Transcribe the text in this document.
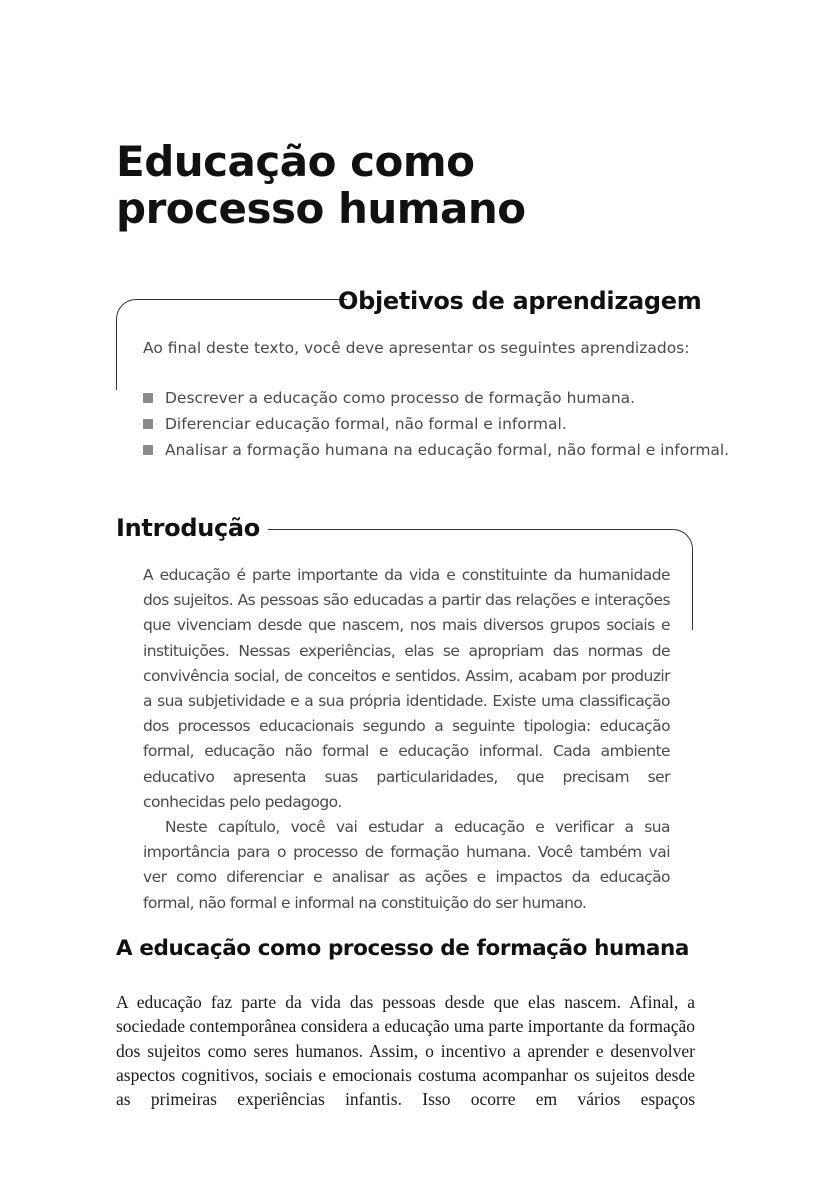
Educação como
processo humano
Objetivos de aprendizagem

Ao final deste texto, você deve apresentar os seguintes aprendizados:

Descrever a educação como processo de formação humana.
Diferenciar educação formal, não formal e informal.
Analisar a formação humana na educação formal, não formal e informal.
Introdução

A educação é parte importante da vida e constituinte da humanidade dos sujeitos. As pessoas são educadas a partir das relações e interações que vivenciam desde que nascem, nos mais diversos grupos sociais e instituições. Nessas experiências, elas se apropriam das normas de convivência social, de conceitos e sentidos. Assim, acabam por produzir a sua subjetividade e a sua própria identidade. Existe uma classificação dos processos educacionais segundo a seguinte tipologia: educação formal, educação não formal e educação informal. Cada ambiente educativo apresenta suas particularidades, que precisam ser conhecidas pelo pedagogo.

Neste capítulo, você vai estudar a educação e verificar a sua importância para o processo de formação humana. Você também vai ver como diferenciar e analisar as ações e impactos da educação formal, não formal e informal na constituição do ser humano.

A educação como processo de formação humana

A educação faz parte da vida das pessoas desde que elas nascem. Afinal, a sociedade contemporânea considera a educação uma parte importante da formação dos sujeitos como seres humanos. Assim, o incentivo a aprender e desenvolver aspectos cognitivos, sociais e emocionais costuma acompanhar os sujeitos desde as primeiras experiências infantis. Isso ocorre em vários espaços
